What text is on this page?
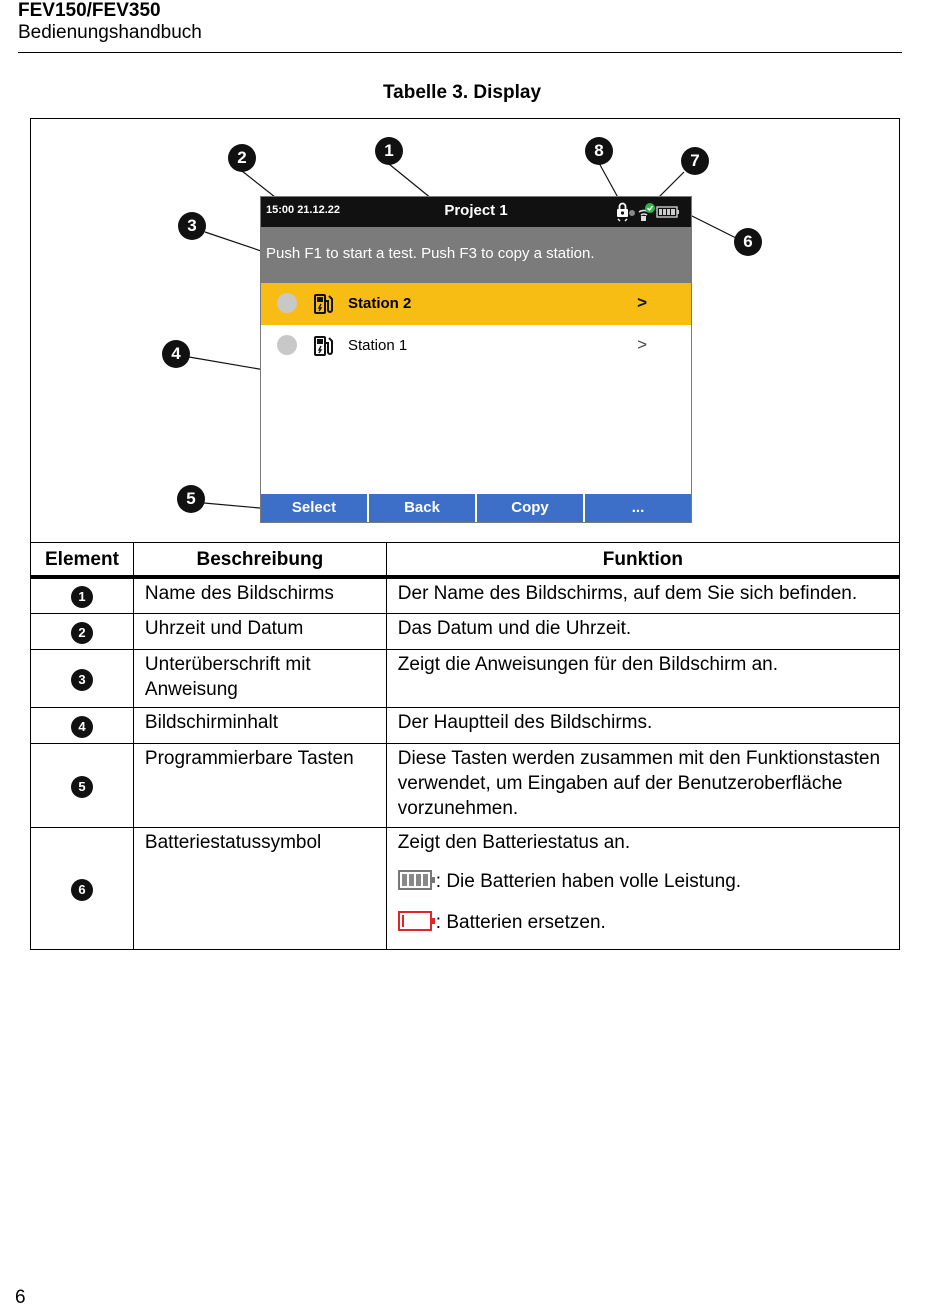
FEV150/FEV350
Bedienungshandbuch
Tabelle 3. Display
15:00 21.12.22	Project 1
Push F1 to start a test. Push F3 to copy a station.
Station 2	>
Station 1	>
Select	Back	Copy	...
1
2
3
4
5
6
7
8
Element	Beschreibung	Funktion
1	Name des Bildschirms	Der Name des Bildschirms, auf dem Sie sich befinden.
2	Uhrzeit und Datum	Das Datum und die Uhrzeit.
3	Unterüberschrift mit Anweisung	Zeigt die Anweisungen für den Bildschirm an.
4	Bildschirminhalt	Der Hauptteil des Bildschirms.
5	Programmierbare Tasten	Diese Tasten werden zusammen mit den Funktionstasten verwendet, um Eingaben auf der Benutzeroberfläche vorzunehmen.
6	Batteriestatussymbol	Zeigt den Batteriestatus an.
: Die Batterien haben volle Leistung.
: Batterien ersetzen.
6
